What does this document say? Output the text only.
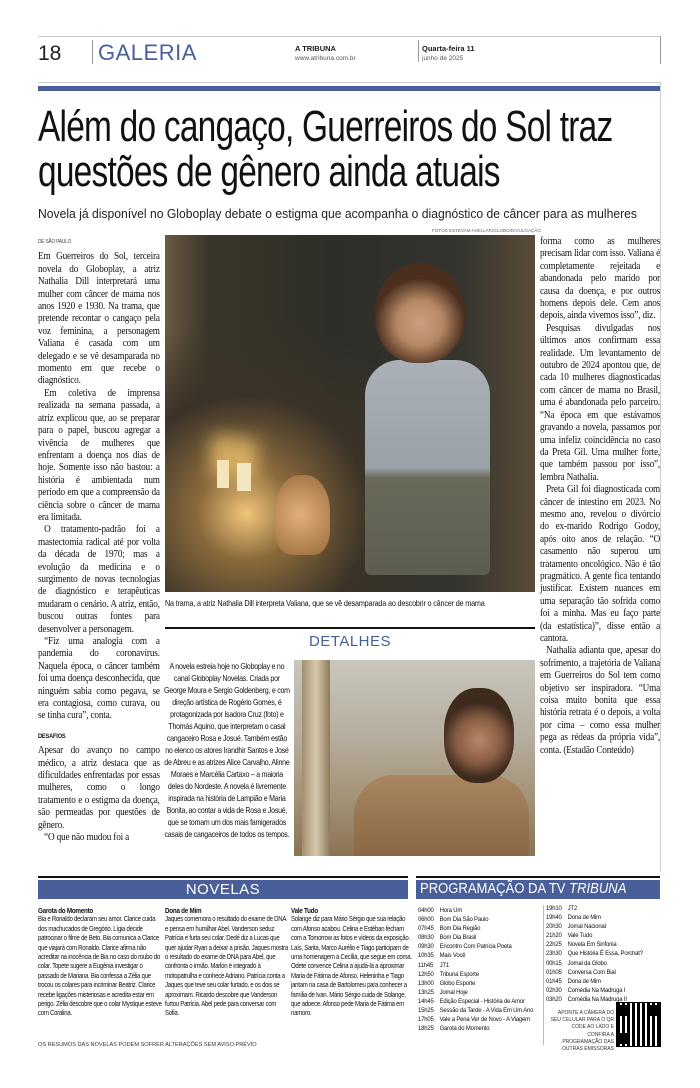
18 GALERIA	A TRIBUNA
www.atribuna.com.br
Quarta-feira 11
junho de 2025
Além do cangaço, Guerreiros do Sol traz questões de gênero ainda atuais
Novela já disponível no Globoplay debate o estigma que acompanha o diagnóstico de câncer para as mulheres
FOTOS ESTEVAM AVELLAR/GLOBO/DIVULGAÇÃO
DE SÃO PAULO

Em Guerreiros do Sol, terceira novela do Globoplay, a atriz Nathalia Dill interpretará uma mulher com câncer de mama nos anos 1920 e 1930. Na trama, que pretende recontar o cangaço pela voz feminina, a personagem Valiana é casada com um delegado e se vê desamparada no momento em que recebe o diagnóstico.

Em coletiva de imprensa realizada na semana passada, a atriz explicou que, ao se preparar para o papel, buscou agregar a vivência de mulheres que enfrentam a doença nos dias de hoje. Somente isso não bastou: a história é ambientada num período em que a compreensão da ciência sobre o câncer de mama era limitada.

O tratamento-padrão foi a mastectomia radical até por volta da década de 1970; mas a evolução da medicina e o surgimento de novas tecnologias de diagnóstico e terapêuticas mudaram o cenário. A atriz, então, buscou outras fontes para desenvolver a personagem.

“Fiz uma analogia com a pandemia do coronavírus. Naquela época, o câncer também foi uma doença desconhecida, que ninguém sabia como pegava, se era contagiosa, como curava, ou se tinha cura”, conta.

DESAFIOS

Apesar do avanço no campo médico, a atriz destaca que as dificuldades enfrentadas por essas mulheres, como o longo tratamento e o estigma da doença, são permeadas por questões de gênero.

“O que não mudou foi a

forma como as mulheres precisam lidar com isso. Valiana é completamente rejeitada e abandonada pelo marido por causa da doença, e por outros homens depois dele. Cem anos depois, ainda vivemos isso”, diz.

Pesquisas divulgadas nos últimos anos confirmam essa realidade. Um levantamento de outubro de 2024 apontou que, de cada 10 mulheres diagnosticadas com câncer de mama no Brasil, uma é abandonada pelo parceiro. “Na época em que estávamos gravando a novela, passamos por uma infeliz coincidência no caso da Preta Gil. Uma mulher forte, que também passou por isso”, lembra Nathalia.

Preta Gil foi diagnosticada com câncer de intestino em 2023. No mesmo ano, revelou o divórcio do ex-marido Rodrigo Godoy, após oito anos de relação. “O casamento não superou um tratamento oncológico. Não é tão pragmático. A gente fica tentando justificar. Existem nuances em uma separação tão sofrida como foi a minha. Mas eu faço parte (da estatística)”, disse então a cantora.

Nathalia adianta que, apesar do sofrimento, a trajetória de Valiana em Guerreiros do Sol tem como objetivo ser inspiradora. “Uma coisa muito bonita que essa história retrata é o depois, a volta por cima – como essa mulher pega as rédeas da própria vida”, conta. (Estadão Conteúdo)

Na trama, a atriz Nathalia Dill interpreta Valiana, que se vê desamparada ao descobrir o câncer de mama
DETALHES
A novela estreia hoje no Globoplay e no canal Globoplay Novelas. Criada por George Moura e Sergio Goldenberg, e com direção artística de Rogério Gomes, é protagonizada por Isadora Cruz (foto) e Thomás Aquino, que interpretam o casal cangaceiro Rosa e Josué. Também estão no elenco os atores Irandhir Santos e José de Abreu e as atrizes Alice Carvalho, Alinne Moraes e Marcélia Cartaxo – a maioria deles do Nordeste. A novela é livremente inspirada na história de Lampião e Maria Bonita, ao contar a vida de Rosa e Josué, que se tornam um dos mais famigerados casais de cangaceiros de todos os tempos.
NOVELAS	PROGRAMAÇÃO DA TV TRIBUNA
Garota do Momento
Bia e Ronaldo declaram seu amor. Clarice cuida dos machucados de Gregório. Lígia decide patrocinar o filme de Beto. Bia comunica a Clarice que viajará com Ronaldo. Clarice afirma não acreditar na inocência de Bia no caso do roubo do colar. Topete sugere a Eugênia investigar o passado de Mariana. Bia confessa a Zélia que trocou os colares para incriminar Beatriz. Clarice recebe ligações misteriosas e acredita estar em perigo. Zélia descobre que o colar Mystique esteve com Coralina.
Dona de Mim
Jaques comemora o resultado do exame de DNA e pensa em humilhar Abel. Vanderson seduz Patrícia e furta seu colar. Dedé diz a Lucas que quer ajudar Ryan a deixar a prisão. Jaques mostra o resultado do exame de DNA para Abel, que confronta o irmão. Marlon é integrado à motopatrulha e conhece Adriano. Patrícia conta a Jaques que teve seu colar furtado, e os dois se aproximam. Ricardo descobre que Vanderson furtou Patrícia. Abel pede para conversar com Sofia.
Vale Tudo
Solange diz para Mário Sérgio que sua relação com Afonso acabou. Celina e Estéban fecham com a Tomorrow as fotos e vídeos da exposição. Laís, Sarita, Marco Aurélio e Tiago participam de uma homenagem a Cecília, que segue em coma. Odete convence Celina a ajudá-la a aproximar Maria de Fátima de Afonso. Heleninha e Tiago jantam na casa de Bartolomeu para conhecer a família de Ivan. Mário Sérgio cuida de Solange, que adoece. Afonso pede Maria de Fátima em namoro.
OS RESUMOS DAS NOVELAS PODEM SOFRER ALTERAÇÕES SEM AVISO PRÉVIO
04h00 Hora Um
06h00 Bom Dia São Paulo
07h45 Bom Dia Região
08h30 Bom Dia Brasil
09h30 Encontro Com Patrícia Poeta
10h35 Mais Você
11h45 JT1
12h50 Tribuna Esporte
13h00 Globo Esporte
13h25 Jornal Hoje
14h45 Edição Especial - História de Amor
15h25 Sessão da Tarde - A Vida Em Um Ano
17h05 Vale a Pena Ver de Novo - A Viagem
18h25 Garota do Momento
19h10 JT2
19h40 Dona de Mim
20h30 Jornal Nacional
21h20 Vale Tudo
22h25 Novela Em Sinfonia
23h30 Que História É Essa, Porchat?
00h15 Jornal da Globo
01h05 Conversa Com Bial
01h45 Dona de Mim
02h30 Comédia Na Madruga I
03h20 Comédia Na Madruga II
APONTE A CÂMERA DO SEU CELULAR PARA O QR CODE AO LADO E CONFIRA A PROGRAMAÇÃO DAS OUTRAS EMISSORAS
